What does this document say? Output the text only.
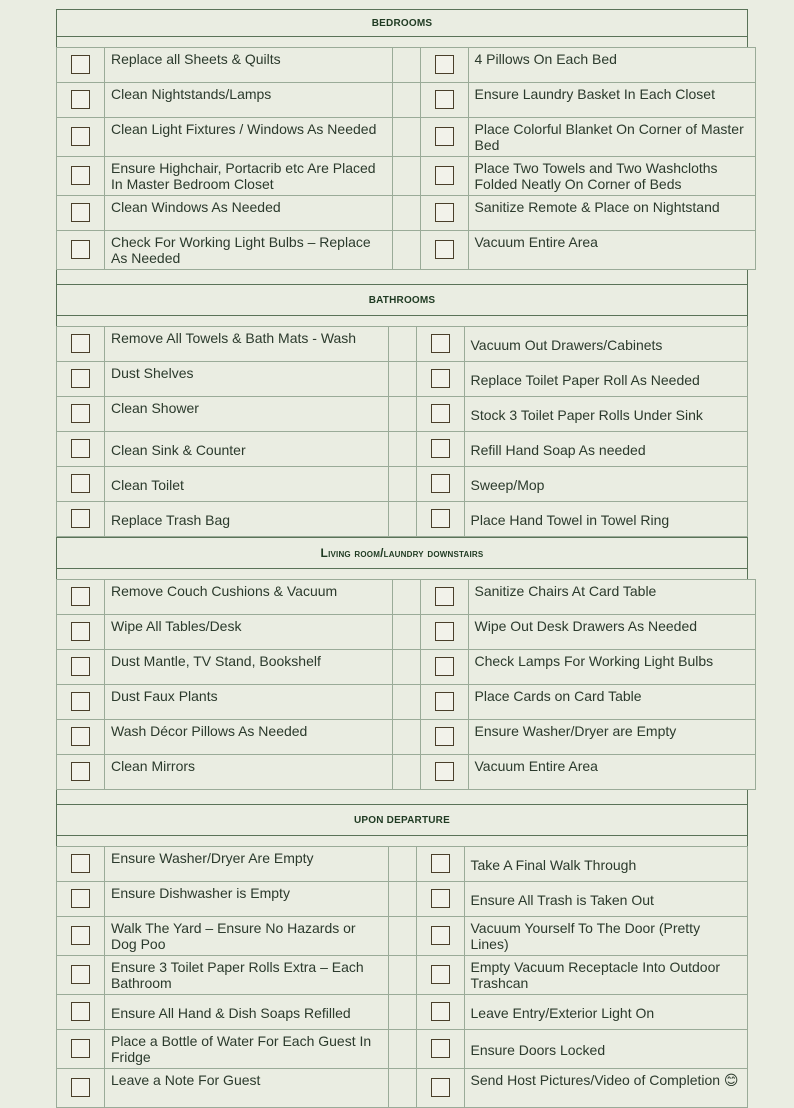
BEDROOMS
	Replace all Sheets & Quilts			4 Pillows On Each Bed
	Clean Nightstands/Lamps			Ensure Laundry Basket In Each Closet
	Clean Light Fixtures / Windows As Needed			Place Colorful Blanket On Corner of Master Bed
	Ensure Highchair, Portacrib etc Are Placed In Master Bedroom Closet			Place Two Towels and Two Washcloths Folded Neatly On Corner of Beds
	Clean Windows As Needed			Sanitize Remote & Place on Nightstand
	Check For Working Light Bulbs – Replace As Needed			Vacuum Entire Area
BATHROOMS
	Remove All Towels & Bath Mats - Wash			Vacuum Out Drawers/Cabinets
	Dust Shelves			Replace Toilet Paper Roll As Needed
	Clean Shower			Stock 3 Toilet Paper Rolls Under Sink
	Clean Sink & Counter			Refill Hand Soap As needed
	Clean Toilet			Sweep/Mop
	Replace Trash Bag			Place Hand Towel in Towel Ring
Living room/laundry downstairs
	Remove Couch Cushions & Vacuum			Sanitize Chairs At Card Table
	Wipe All Tables/Desk			Wipe Out Desk Drawers As Needed
	Dust Mantle, TV Stand, Bookshelf			Check Lamps For Working Light Bulbs
	Dust Faux Plants			Place Cards on Card Table
	Wash Décor Pillows As Needed			Ensure Washer/Dryer are Empty
	Clean Mirrors			Vacuum Entire Area
UPON DEPARTURE
	Ensure Washer/Dryer Are Empty			Take A Final Walk Through
	Ensure Dishwasher is Empty			Ensure All Trash is Taken Out
	Walk The Yard – Ensure No Hazards or Dog Poo			Vacuum Yourself To The Door (Pretty Lines)
	Ensure 3 Toilet Paper Rolls Extra – Each Bathroom			Empty Vacuum Receptacle Into Outdoor Trashcan
	Ensure All Hand & Dish Soaps Refilled			Leave Entry/Exterior Light On
	Place a Bottle of Water For Each Guest In Fridge			Ensure Doors Locked
	Leave a Note For Guest			Send Host Pictures/Video of Completion 😊
